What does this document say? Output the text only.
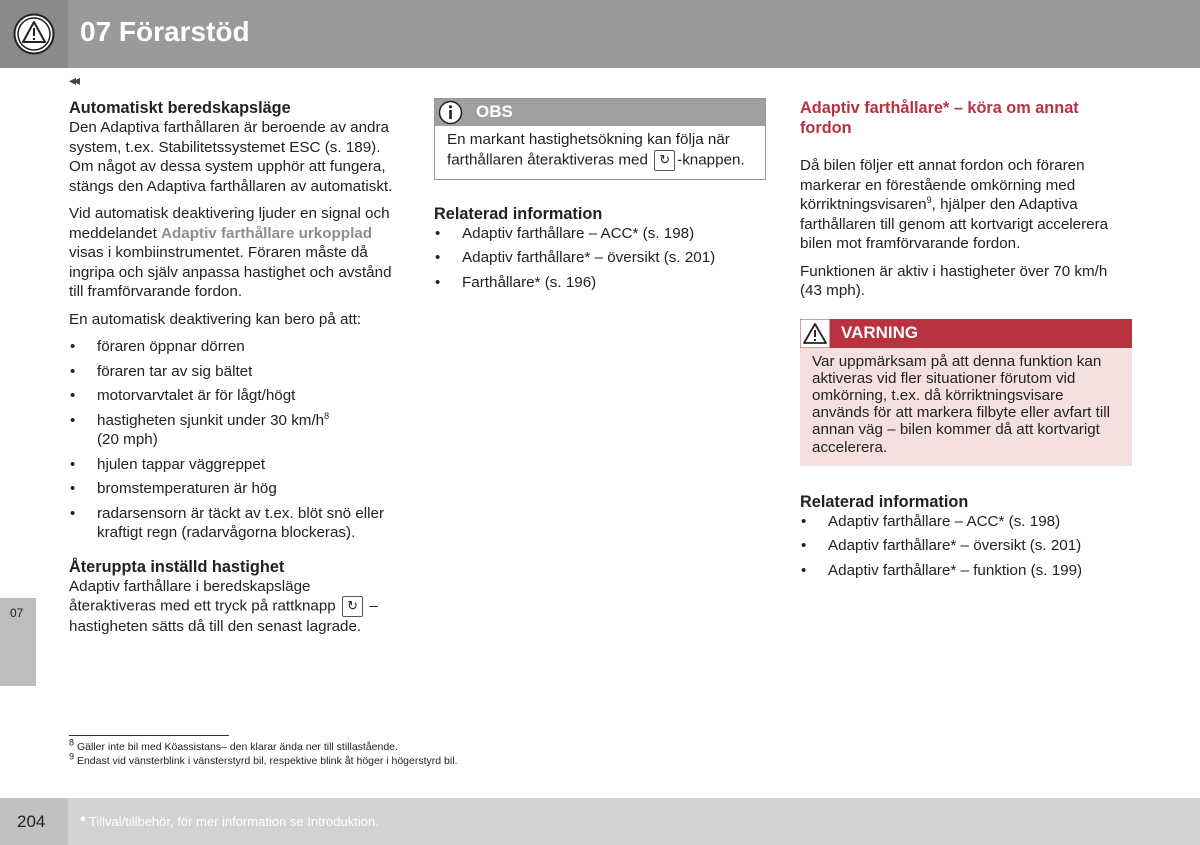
07 Förarstöd
◂◂
Automatiskt beredskapsläge

Den Adaptiva farthållaren är beroende av andra system, t.ex. Stabilitetssystemet ESC (s. 189). Om något av dessa system upphör att fungera, stängs den Adaptiva farthållaren av automatiskt.

Vid automatisk deaktivering ljuder en signal och meddelandet Adaptiv farthållare urkopplad visas i kombiinstrumentet. Föraren måste då ingripa och själv anpassa hastighet och avstånd till framförvarande fordon.

En automatisk deaktivering kan bero på att:

• föraren öppnar dörren
• föraren tar av sig bältet
• motorvarvtalet är för lågt/högt
• hastigheten sjunkit under 30 $km/h^8$
(20 mph)
• hjulen tappar väggreppet
• bromstemperaturen är hög
• radarsensorn är täckt av t.ex. blöt snö eller kraftigt regn (radarvågorna blockeras).
Återuppta inställd hastighet

Adaptiv farthållare i beredskapsläge återaktiveras med ett tryck på rattknapp ↻ – hastigheten sätts då till den senast lagrade.

OBS
En markant hastighetsökning kan följa när farthållaren återaktiveras med ↻ -knappen.
Relaterad information
• Adaptiv farthållare – ACC* (s. 198)
• Adaptiv farthållare* – översikt (s. 201)
• Farthållare* (s. 196)
Adaptiv farthållare* – köra om annat fordon

Då bilen följer ett annat fordon och föraren markerar en förestående omkörning med körriktningsvisaren$^9$, hjälper den Adaptiva farthållaren till genom att kortvarigt accelerera bilen mot framförvarande fordon.

Funktionen är aktiv i hastigheter över 70 km/h (43 mph).

VARNING
Var uppmärksam på att denna funktion kan aktiveras vid fler situationer förutom vid omkörning, t.ex. då körriktningsvisare används för att markera filbyte eller avfart till annan väg – bilen kommer då att kortvarigt accelerera.
Relaterad information
• Adaptiv farthållare – ACC* (s. 198)
• Adaptiv farthållare* – översikt (s. 201)
• Adaptiv farthållare* – funktion (s. 199)
07
$^8$ Gäller inte bil med Köassistans– den klarar ända ner till stillastående.
$^9$ Endast vid vänsterblink i vänsterstyrd bil, respektive blink åt höger i högerstyrd bil.
204 * Tillval/tillbehör, för mer information se Introduktion.
